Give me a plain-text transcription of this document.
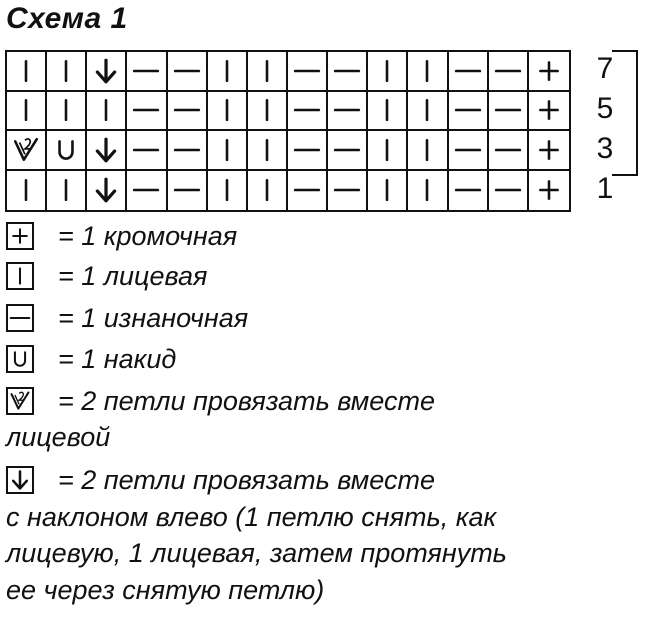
Схема 1
7
5
3
1
= 1 кромочная
= 1 лицевая
= 1 изнаночная
= 1 накид
= 2 петли провязать вместе
лицевой
= 2 петли провязать вместе
с наклоном влево (1 петлю снять, как
лицевую, 1 лицевая, затем протянуть
ее через снятую петлю)
